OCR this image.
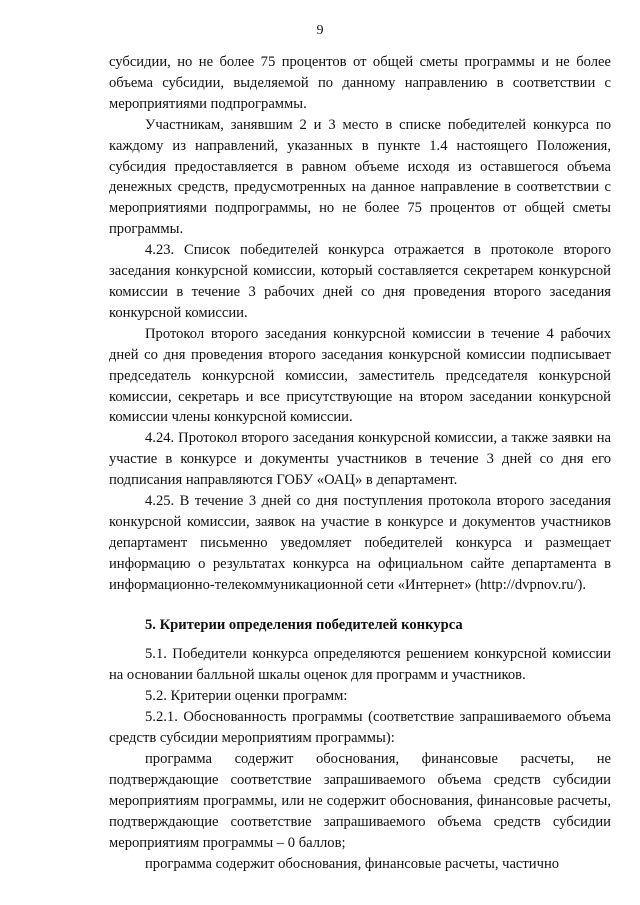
9

субсидии, но не более 75 процентов от общей сметы программы и не более объема субсидии, выделяемой по данному направлению в соответствии с мероприятиями подпрограммы.

Участникам, занявшим 2 и 3 место в списке победителей конкурса по каждому из направлений, указанных в пункте 1.4 настоящего Положения, субсидия предоставляется в равном объеме исходя из оставшегося объема денежных средств, предусмотренных на данное направление в соответствии с мероприятиями подпрограммы, но не более 75 процентов от общей сметы программы.

4.23. Список победителей конкурса отражается в протоколе второго заседания конкурсной комиссии, который составляется секретарем конкурсной комиссии в течение 3 рабочих дней со дня проведения второго заседания конкурсной комиссии.

Протокол второго заседания конкурсной комиссии в течение 4 рабочих дней со дня проведения второго заседания конкурсной комиссии подписывает председатель конкурсной комиссии, заместитель председателя конкурсной комиссии, секретарь и все присутствующие на втором заседании конкурсной комиссии члены конкурсной комиссии.

4.24. Протокол второго заседания конкурсной комиссии, а также заявки на участие в конкурсе и документы участников в течение 3 дней со дня его подписания направляются ГОБУ «ОАЦ» в департамент.

4.25. В течение 3 дней со дня поступления протокола второго заседания конкурсной комиссии, заявок на участие в конкурсе и документов участников департамент письменно уведомляет победителей конкурса и размещает информацию о результатах конкурса на официальном сайте департамента в информационно-телекоммуникационной сети «Интернет» (http://dvpnov.ru/).

5. Критерии определения победителей конкурса

5.1. Победители конкурса определяются решением конкурсной комиссии на основании балльной шкалы оценок для программ и участников.

5.2. Критерии оценки программ:

5.2.1. Обоснованность программы (соответствие запрашиваемого объема средств субсидии мероприятиям программы):

программа содержит обоснования, финансовые расчеты, не подтверждающие соответствие запрашиваемого объема средств субсидии мероприятиям программы, или не содержит обоснования, финансовые расчеты, подтверждающие соответствие запрашиваемого объема средств субсидии мероприятиям программы – 0 баллов;

программа содержит обоснования, финансовые расчеты, частично
